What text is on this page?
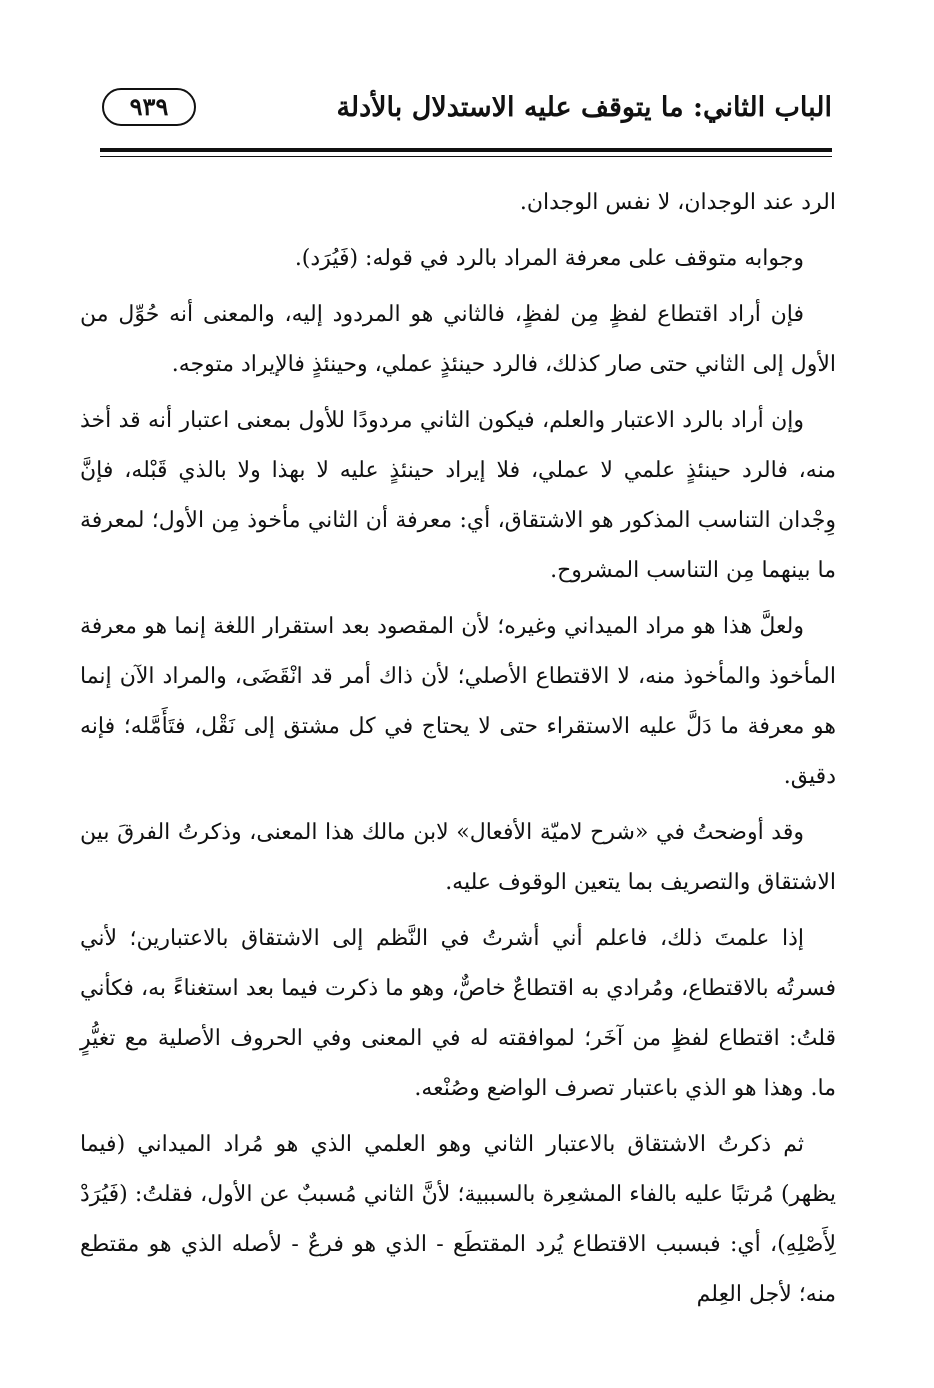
الباب الثاني: ما يتوقف عليه الاستدلال بالأدلة
٩٣٩

الرد عند الوجدان، لا نفس الوجدان.

وجوابه متوقف على معرفة المراد بالرد في قوله: (فَيُرَد).

فإن أراد اقتطاع لفظٍ مِن لفظٍ، فالثاني هو المردود إليه، والمعنى أنه حُوِّل من الأول إلى الثاني حتى صار كذلك، فالرد حينئذٍ عملي، وحينئذٍ فالإيراد متوجه.

وإن أراد بالرد الاعتبار والعلم، فيكون الثاني مردودًا للأول بمعنى اعتبار أنه قد أخذ منه، فالرد حينئذٍ علمي لا عملي، فلا إيراد حينئذٍ عليه لا بهذا ولا بالذي قَبْله، فإنَّ وِجْدان التناسب المذكور هو الاشتقاق، أي: معرفة أن الثاني مأخوذ مِن الأول؛ لمعرفة ما بينهما مِن التناسب المشروح.

ولعلَّ هذا هو مراد الميداني وغيره؛ لأن المقصود بعد استقرار اللغة إنما هو معرفة المأخوذ والمأخوذ منه، لا الاقتطاع الأصلي؛ لأن ذاك أمر قد انْقَضَى، والمراد الآن إنما هو معرفة ما دَلَّ عليه الاستقراء حتى لا يحتاج في كل مشتق إلى نَقْل، فتَأَمَّله؛ فإنه دقيق.

وقد أوضحتُ في «شرح لاميّة الأفعال» لابن مالك هذا المعنى، وذكرتُ الفرقَ بين الاشتقاق والتصريف بما يتعين الوقوف عليه.

إذا علمتَ ذلك، فاعلم أني أشرتُ في النَّظم إلى الاشتقاق بالاعتبارين؛ لأني فسرتُه بالاقتطاع، ومُرادي به اقتطاعٌ خاصٌّ، وهو ما ذكرت فيما بعد استغناءً به، فكأني قلتُ: اقتطاع لفظٍ من آخَر؛ لموافقته له في المعنى وفي الحروف الأصلية مع تغيُّرٍ ما. وهذا هو الذي باعتبار تصرف الواضع وصُنْعه.

ثم ذكرتُ الاشتقاق بالاعتبار الثاني وهو العلمي الذي هو مُراد الميداني (فيما يظهر) مُرتبًا عليه بالفاء المشعِرة بالسببية؛ لأنَّ الثاني مُسببٌ عن الأول، فقلتُ: (فَيُرَدْ لِأَصْلِهِ)، أي: فبسبب الاقتطاع يُرد المقتطَع - الذي هو فرعٌ - لأصله الذي هو مقتطع منه؛ لأجل العِلم
